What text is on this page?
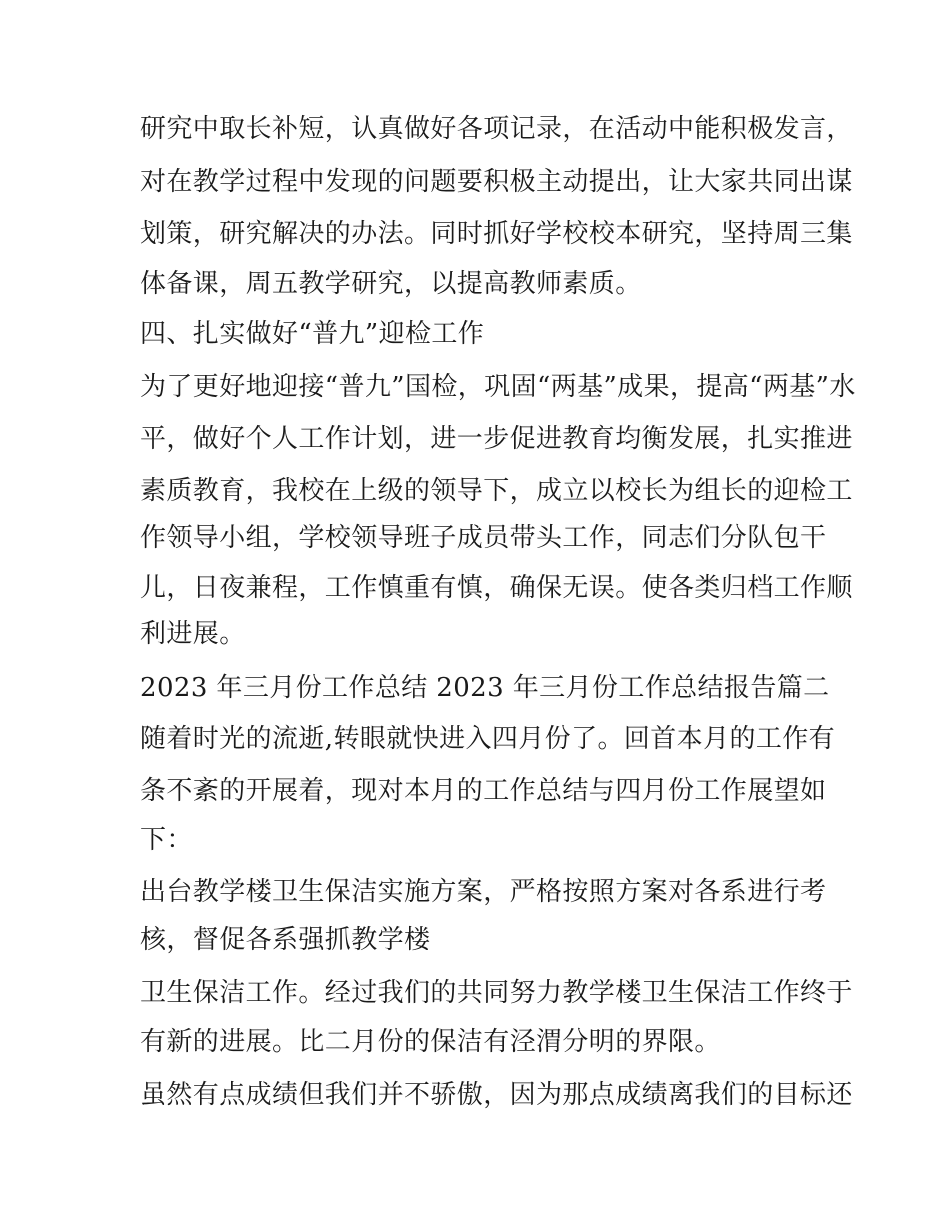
研究中取长补短，认真做好各项记录，在活动中能积极发言，

对在教学过程中发现的问题要积极主动提出，让大家共同出谋

划策，研究解决的办法。同时抓好学校校本研究，坚持周三集

体备课，周五教学研究，以提高教师素质。

四、扎实做好“普九”迎检工作

为了更好地迎接“普九”国检，巩固“两基”成果，提高“两基”水

平，做好个人工作计划，进一步促进教育均衡发展，扎实推进

素质教育，我校在上级的领导下，成立以校长为组长的迎检工

作领导小组，学校领导班子成员带头工作，同志们分队包干

儿，日夜兼程，工作慎重有慎，确保无误。使各类归档工作顺

利进展。

2023 年三月份工作总结 2023 年三月份工作总结报告篇二

随着时光的流逝,转眼就快进入四月份了。回首本月的工作有

条不紊的开展着，现对本月的工作总结与四月份工作展望如

下：

出台教学楼卫生保洁实施方案，严格按照方案对各系进行考

核，督促各系强抓教学楼

卫生保洁工作。经过我们的共同努力教学楼卫生保洁工作终于

有新的进展。比二月份的保洁有泾渭分明的界限。

虽然有点成绩但我们并不骄傲，因为那点成绩离我们的目标还
